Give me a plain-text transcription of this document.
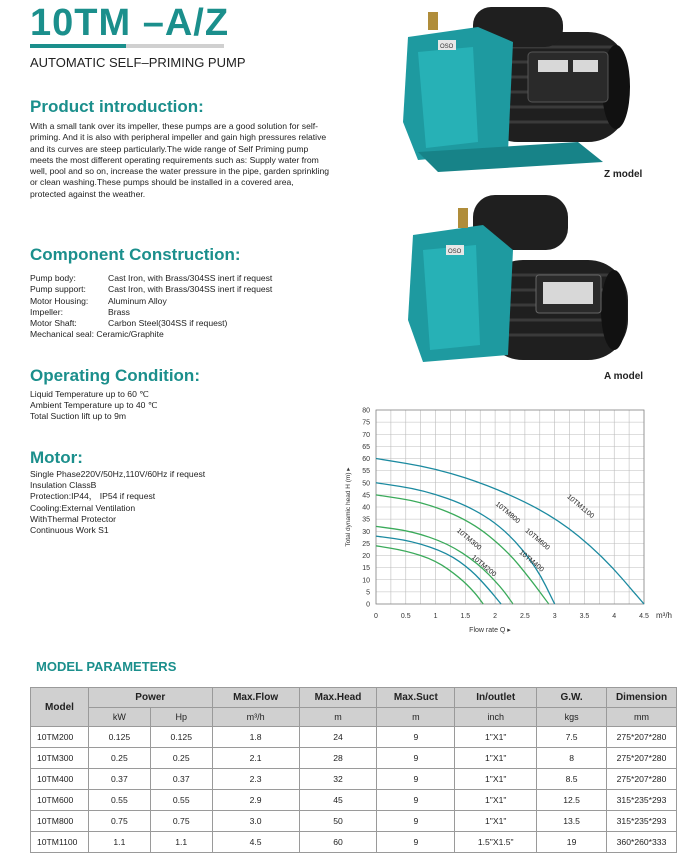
10TM –A/Z
AUTOMATIC SELF–PRIMING PUMP
Product introduction:
With a small tank over its impeller, these pumps are a good solution for self-priming. And it is also with peripheral impeller and gain high pressures relative and its curves are steep particularly.The wide range of Self Priming pump meets the most different operating requirements such as: Supply water from well, pool and so on, increase the water pressure in the pipe, garden sprinkling or clean washing.These pumps should be installed in a covered area, protected against the weather.
Component Construction:
Pump body:	Cast Iron, with Brass/304SS inert if request
Pump support:	Cast Iron, with Brass/304SS inert if request
Motor Housing: Aluminum Alloy
Impeller:	Brass
Motor Shaft:	Carbon Steel(304SS if request)
Mechanical seal: Ceramic/Graphite
Operating Condition:
Liquid Temperature up to 60 ℃
Ambient Temperature up to 40 ℃
Total Suction lift up to 9m
Motor:
Single Phase220V/50Hz,110V/60Hz if request
Insulation ClassB
Protection:IP44， IP54 if request
Cooling:External Ventilation
WithThermal Protector
Continuous Work S1
OSO
Z model
OSO
A model
0
5
10
15
20
25
30
35
40
45
50
55
60
65
70
75
80
0	0.5	1	1.5	2	2.5	3	3.5	4	4.5 m³/h
Flow rate Q ▸
Total dynamic head H (m) ▸	10TM1100
10TM800
10TM600
10TM400
10TM300
10TM200
MODEL PARAMETERS
Model	Power		Max.Flow	Max.Head	Max.Suct	In/outlet	G.W.	Dimension
	kW	Hp	m³/h	m	m	inch	kgs	mm
10TM200	0.125	0.125	1.8	24	9	1"X1"	7.5	275*207*280
10TM300	0.25	0.25	2.1	28	9	1"X1"	8	275*207*280
10TM400	0.37	0.37	2.3	32	9	1"X1"	8.5	275*207*280
10TM600	0.55	0.55	2.9	45	9	1"X1"	12.5	315*235*293
10TM800	0.75	0.75	3.0	50	9	1"X1"	13.5	315*235*293
10TM1100	1.1	1.1	4.5	60	9	1.5"X1.5"	19	360*260*333
